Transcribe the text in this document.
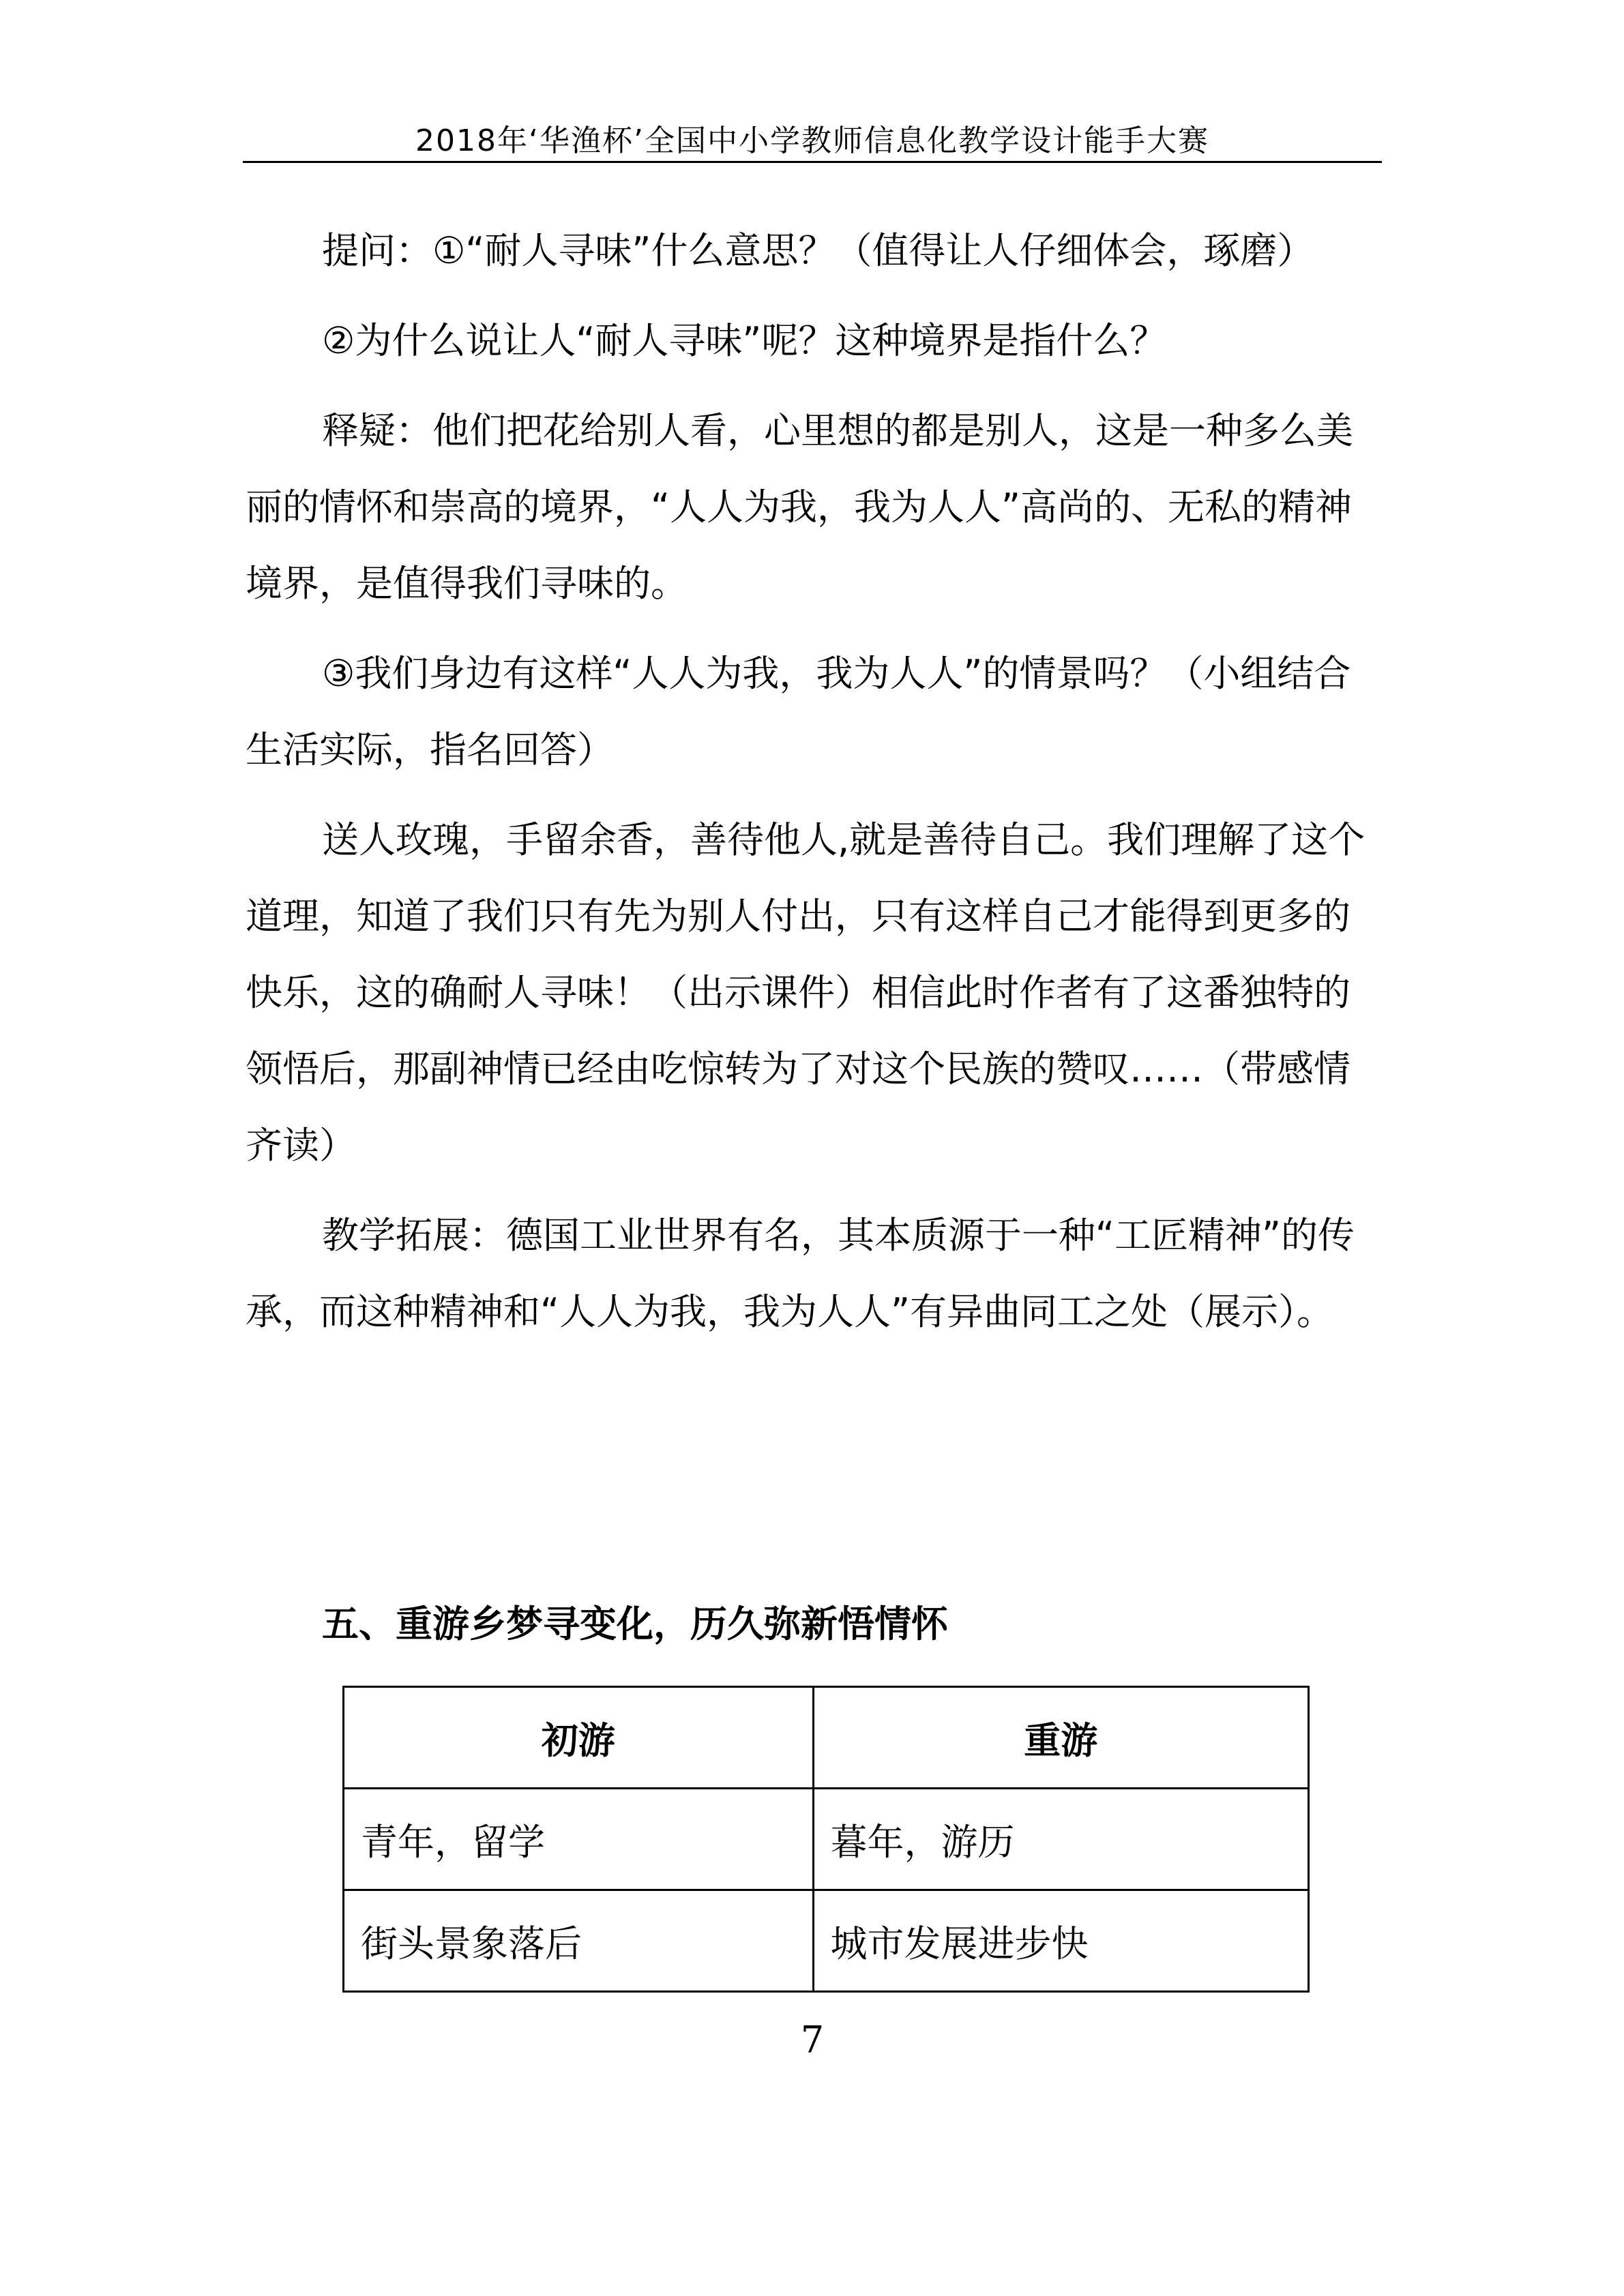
2018年‘华渔杯’全国中小学教师信息化教学设计能手大赛

提问：①“耐人寻味”什么意思？（值得让人仔细体会，琢磨）

②为什么说让人“耐人寻味”呢？这种境界是指什么？

释疑：他们把花给别人看，心里想的都是别人，这是一种多么美丽的情怀和崇高的境界，“人人为我，我为人人”高尚的、无私的精神境界，是值得我们寻味的。

③我们身边有这样“人人为我，我为人人”的情景吗？（小组结合生活实际，指名回答）

送人玫瑰，手留余香，善待他人,就是善待自己。我们理解了这个道理，知道了我们只有先为别人付出，只有这样自己才能得到更多的快乐，这的确耐人寻味！（出示课件）相信此时作者有了这番独特的领悟后，那副神情已经由吃惊转为了对这个民族的赞叹……（带感情齐读）

教学拓展：德国工业世界有名，其本质源于一种“工匠精神”的传承，而这种精神和“人人为我，我为人人”有异曲同工之处（展示）。

五、重游乡梦寻变化，历久弥新悟情怀
初游	重游
青年，留学	暮年，游历
街头景象落后	城市发展进步快
7
